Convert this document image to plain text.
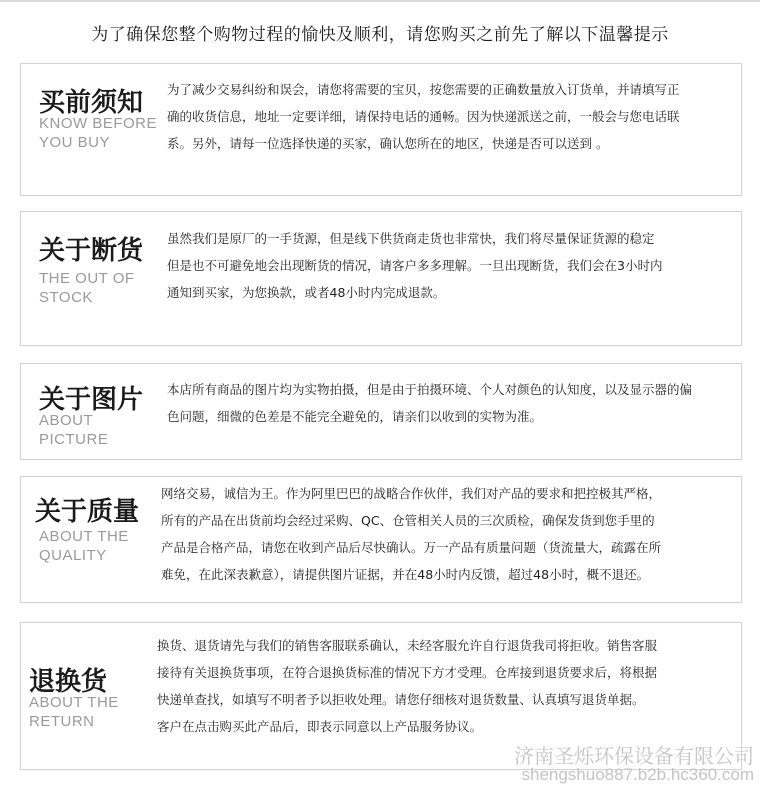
为了确保您整个购物过程的愉快及顺利，请您购买之前先了解以下温馨提示
买前须知
KNOW BEFORE
YOU BUY
为了减少交易纠纷和误会，请您将需要的宝贝，按您需要的正确数量放入订货单，并请填写正
确的收货信息，地址一定要详细，请保持电话的通畅。因为快递派送之前，一般会与您电话联
系。另外，请每一位选择快递的买家，确认您所在的地区，快递是否可以送到 。
关于断货
THE OUT OF
STOCK
虽然我们是原厂的一手货源，但是线下供货商走货也非常快，我们将尽量保证货源的稳定
但是也不可避免地会出现断货的情况，请客户多多理解。一旦出现断货，我们会在3小时内
通知到买家，为您换款，或者48小时内完成退款。
关于图片
ABOUT
PICTURE
本店所有商品的图片均为实物拍摄，但是由于拍摄环境、个人对颜色的认知度，以及显示器的偏
色问题，细微的色差是不能完全避免的，请亲们以收到的实物为准。
关于质量
ABOUT THE
QUALITY
网络交易，诚信为王。作为阿里巴巴的战略合作伙伴，我们对产品的要求和把控极其严格，
所有的产品在出货前均会经过采购、QC、仓管相关人员的三次质检，确保发货到您手里的
产品是合格产品，请您在收到产品后尽快确认。万一产品有质量问题（货流量大，疏露在所
难免，在此深表歉意），请提供图片证据，并在48小时内反馈，超过48小时，概不退还。
退换货
ABOUT THE
RETURN
换货、退货请先与我们的销售客服联系确认，未经客服允许自行退货我司将拒收。销售客服
接待有关退换货事项，在符合退换货标准的情况下方才受理。仓库接到退货要求后，将根据
快递单查找，如填写不明者予以拒收处理。请您仔细核对退货数量、认真填写退货单据。
客户在点击购买此产品后，即表示同意以上产品服务协议。
济南圣烁环保设备有限公司
shengshuo887.b2b.hc360.com
